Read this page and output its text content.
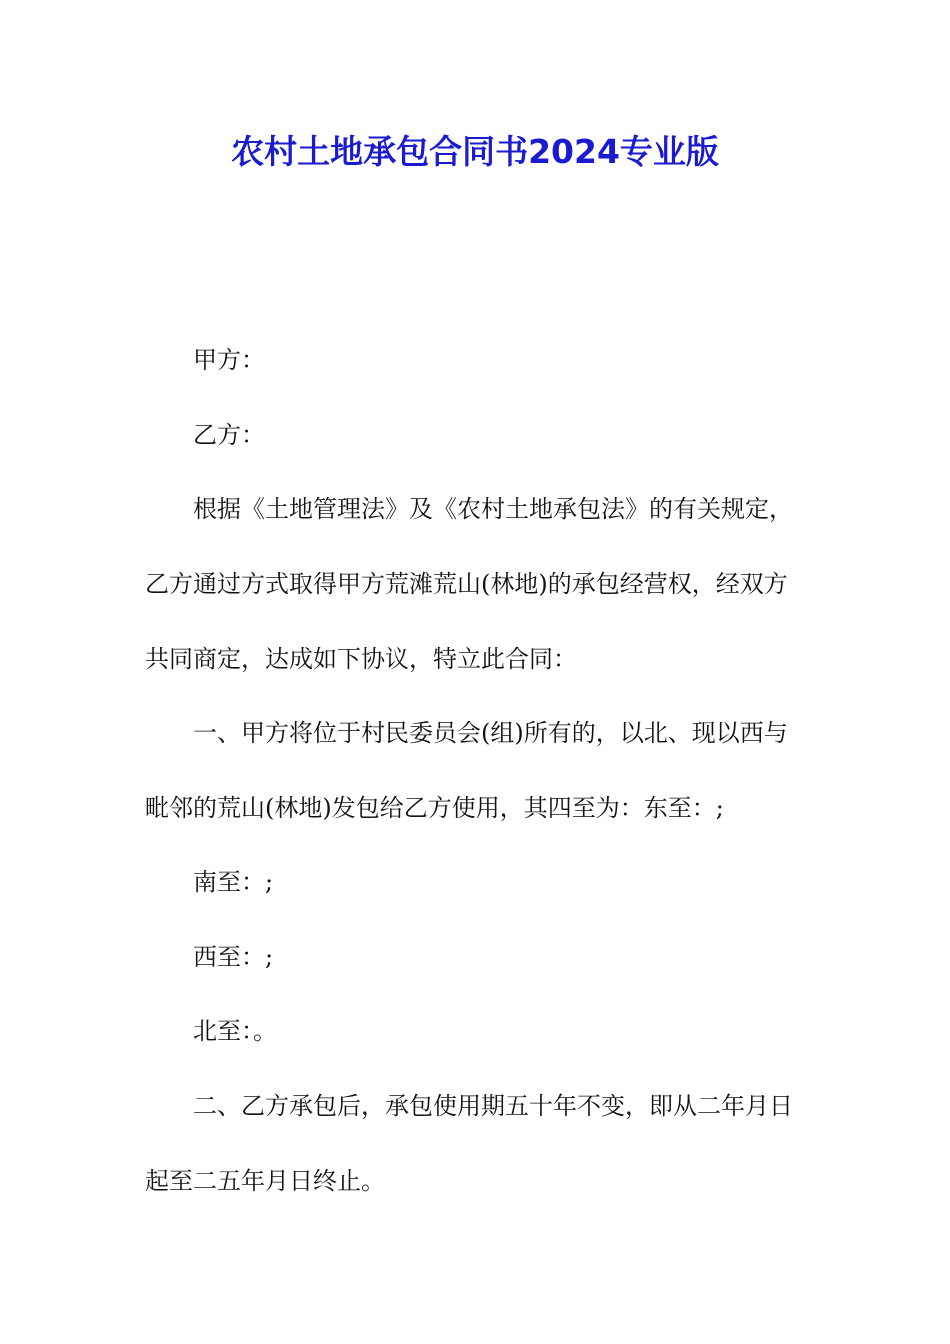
农村土地承包合同书2024专业版
甲方：
乙方：
根据《土地管理法》及《农村土地承包法》的有关规定，
乙方通过方式取得甲方荒滩荒山(林地)的承包经营权，经双方
共同商定，达成如下协议，特立此合同：
一、甲方将位于村民委员会(组)所有的，以北、现以西与
毗邻的荒山(林地)发包给乙方使用，其四至为：东至：;
南至：;
西至：;
北至：。
二、乙方承包后，承包使用期五十年不变，即从二年月日
起至二五年月日终止。
